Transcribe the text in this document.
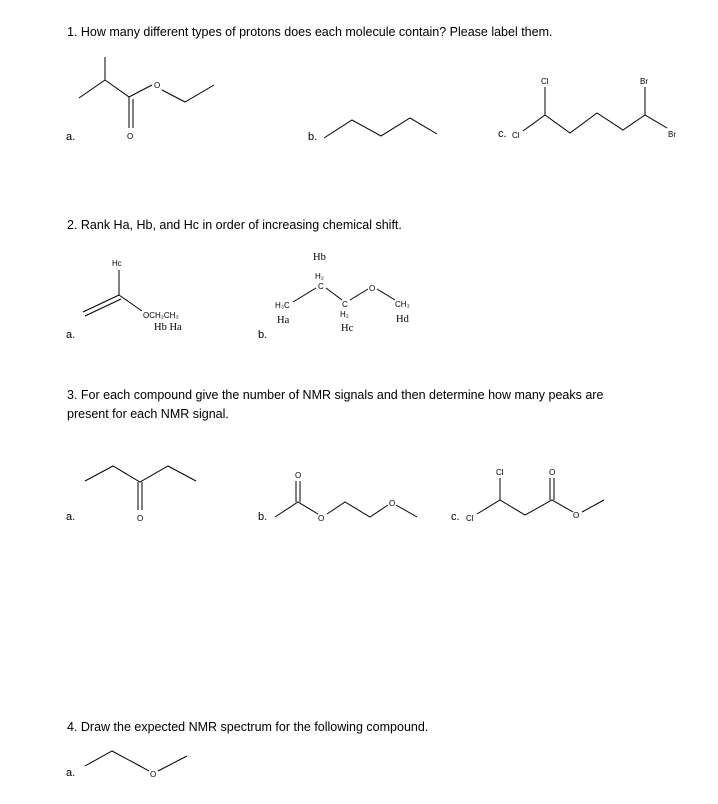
1. How many different types of protons does each molecule contain? Please label them.
a.	b.	c.
O
O
Cl
Cl	Br
Br
2. Rank Ha, Hb, and Hc in order of increasing chemical shift.
a.	b.
Hc
OCH₂CH₃
Hb Ha
Hb
H₂
C
H₃C
Ha
C
H₂
Hc
O
CH₃
Hd
3. For each compound give the number of NMR signals and then determine how many peaks are
present for each NMR signal.
a.	b.	c.
O
O
O
O
Cl
Cl	O
O
4. Draw the expected NMR spectrum for the following compound.
a.	O
